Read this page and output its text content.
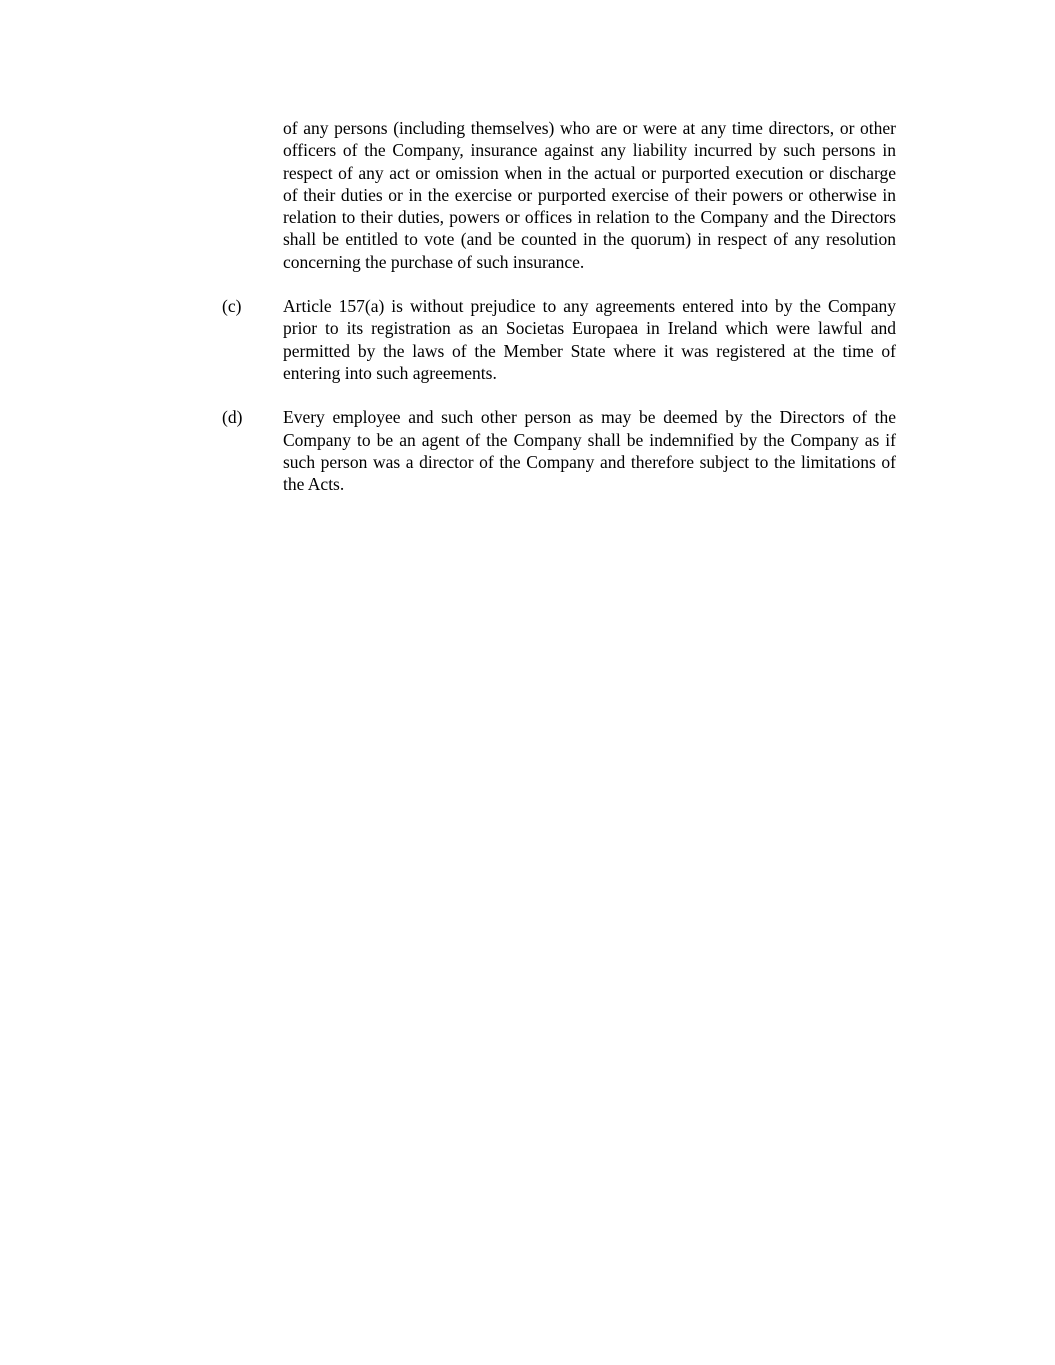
of any persons (including themselves) who are or were at any time directors, or other officers of the Company, insurance against any liability incurred by such persons in respect of any act or omission when in the actual or purported execution or discharge of their duties or in the exercise or purported exercise of their powers or otherwise in relation to their duties, powers or offices in relation to the Company and the Directors shall be entitled to vote (and be counted in the quorum) in respect of any resolution concerning the purchase of such insurance.
(c)	Article 157(a) is without prejudice to any agreements entered into by the Company prior to its registration as an Societas Europaea in Ireland which were lawful and permitted by the laws of the Member State where it was registered at the time of entering into such agreements.
(d)	Every employee and such other person as may be deemed by the Directors of the Company to be an agent of the Company shall be indemnified by the Company as if such person was a director of the Company and therefore subject to the limitations of the Acts.
